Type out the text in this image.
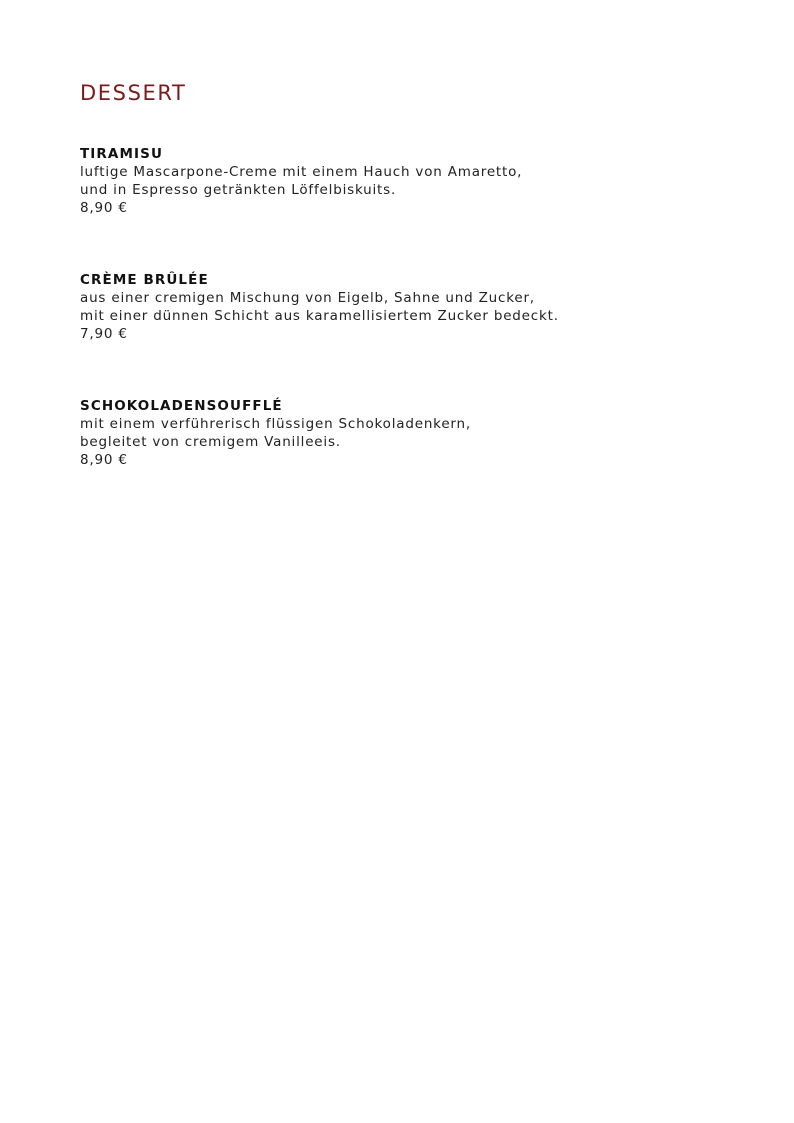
DESSERT

TIRAMISU

luftige Mascarpone-Creme mit einem Hauch von Amaretto,
und in Espresso getränkten Löffelbiskuits.

8,90 €

CRÈME BRÛLÉE

aus einer cremigen Mischung von Eigelb, Sahne und Zucker,
mit einer dünnen Schicht aus karamellisiertem Zucker bedeckt.

7,90 €

SCHOKOLADENSOUFFLÉ

mit einem verführerisch flüssigen Schokoladenkern,
begleitet von cremigem Vanilleeis.

8,90 €
